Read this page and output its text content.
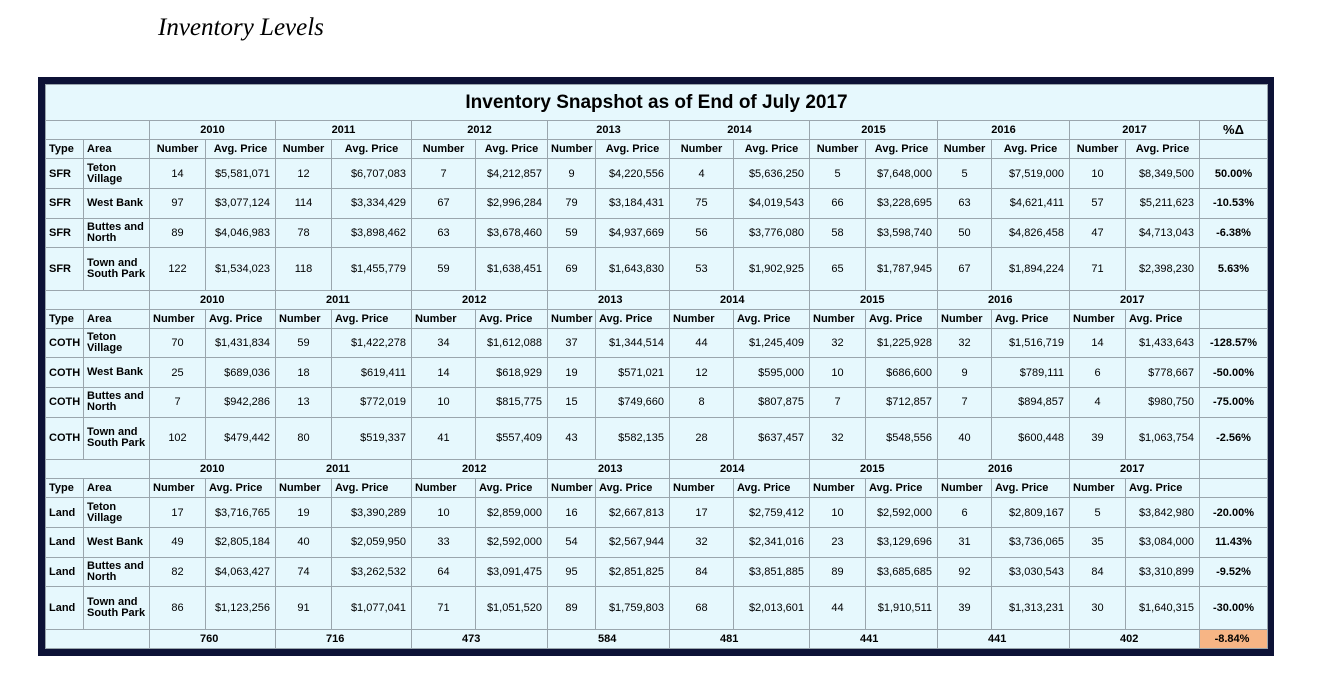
Inventory Levels
Inventory Snapshot as of End of July 2017																		
		2010		2011		2012		2013		2014		2015		2016		2017		%Δ
Type	Area	Number	Avg. Price	Number	Avg. Price	Number	Avg. Price	Number	Avg. Price	Number	Avg. Price	Number	Avg. Price	Number	Avg. Price	Number	Avg. Price	
SFR	Teton Village	14	$5,581,071	12	$6,707,083	7	$4,212,857	9	$4,220,556	4	$5,636,250	5	$7,648,000	5	$7,519,000	10	$8,349,500	50.00%
SFR	West Bank	97	$3,077,124	114	$3,334,429	67	$2,996,284	79	$3,184,431	75	$4,019,543	66	$3,228,695	63	$4,621,411	57	$5,211,623	-10.53%
SFR	Buttes and North	89	$4,046,983	78	$3,898,462	63	$3,678,460	59	$4,937,669	56	$3,776,080	58	$3,598,740	50	$4,826,458	47	$4,713,043	-6.38%
SFR	Town and South Park	122	$1,534,023	118	$1,455,779	59	$1,638,451	69	$1,643,830	53	$1,902,925	65	$1,787,945	67	$1,894,224	71	$2,398,230	5.63%
		2010		2011		2012		2013		2014		2015		2016		2017		
Type	Area	Number	Avg. Price	Number	Avg. Price	Number	Avg. Price	Number	Avg. Price	Number	Avg. Price	Number	Avg. Price	Number	Avg. Price	Number	Avg. Price	
COTH	Teton Village	70	$1,431,834	59	$1,422,278	34	$1,612,088	37	$1,344,514	44	$1,245,409	32	$1,225,928	32	$1,516,719	14	$1,433,643	-128.57%
COTH	West Bank	25	$689,036	18	$619,411	14	$618,929	19	$571,021	12	$595,000	10	$686,600	9	$789,111	6	$778,667	-50.00%
COTH	Buttes and North	7	$942,286	13	$772,019	10	$815,775	15	$749,660	8	$807,875	7	$712,857	7	$894,857	4	$980,750	-75.00%
COTH	Town and South Park	102	$479,442	80	$519,337	41	$557,409	43	$582,135	28	$637,457	32	$548,556	40	$600,448	39	$1,063,754	-2.56%
		2010		2011		2012		2013		2014		2015		2016		2017		
Type	Area	Number	Avg. Price	Number	Avg. Price	Number	Avg. Price	Number	Avg. Price	Number	Avg. Price	Number	Avg. Price	Number	Avg. Price	Number	Avg. Price	
Land	Teton Village	17	$3,716,765	19	$3,390,289	10	$2,859,000	16	$2,667,813	17	$2,759,412	10	$2,592,000	6	$2,809,167	5	$3,842,980	-20.00%
Land	West Bank	49	$2,805,184	40	$2,059,950	33	$2,592,000	54	$2,567,944	32	$2,341,016	23	$3,129,696	31	$3,736,065	35	$3,084,000	11.43%
Land	Buttes and North	82	$4,063,427	74	$3,262,532	64	$3,091,475	95	$2,851,825	84	$3,851,885	89	$3,685,685	92	$3,030,543	84	$3,310,899	-9.52%
Land	Town and South Park	86	$1,123,256	91	$1,077,041	71	$1,051,520	89	$1,759,803	68	$2,013,601	44	$1,910,511	39	$1,313,231	30	$1,640,315	-30.00%
		760		716		473		584		481		441		441		402		-8.84%
